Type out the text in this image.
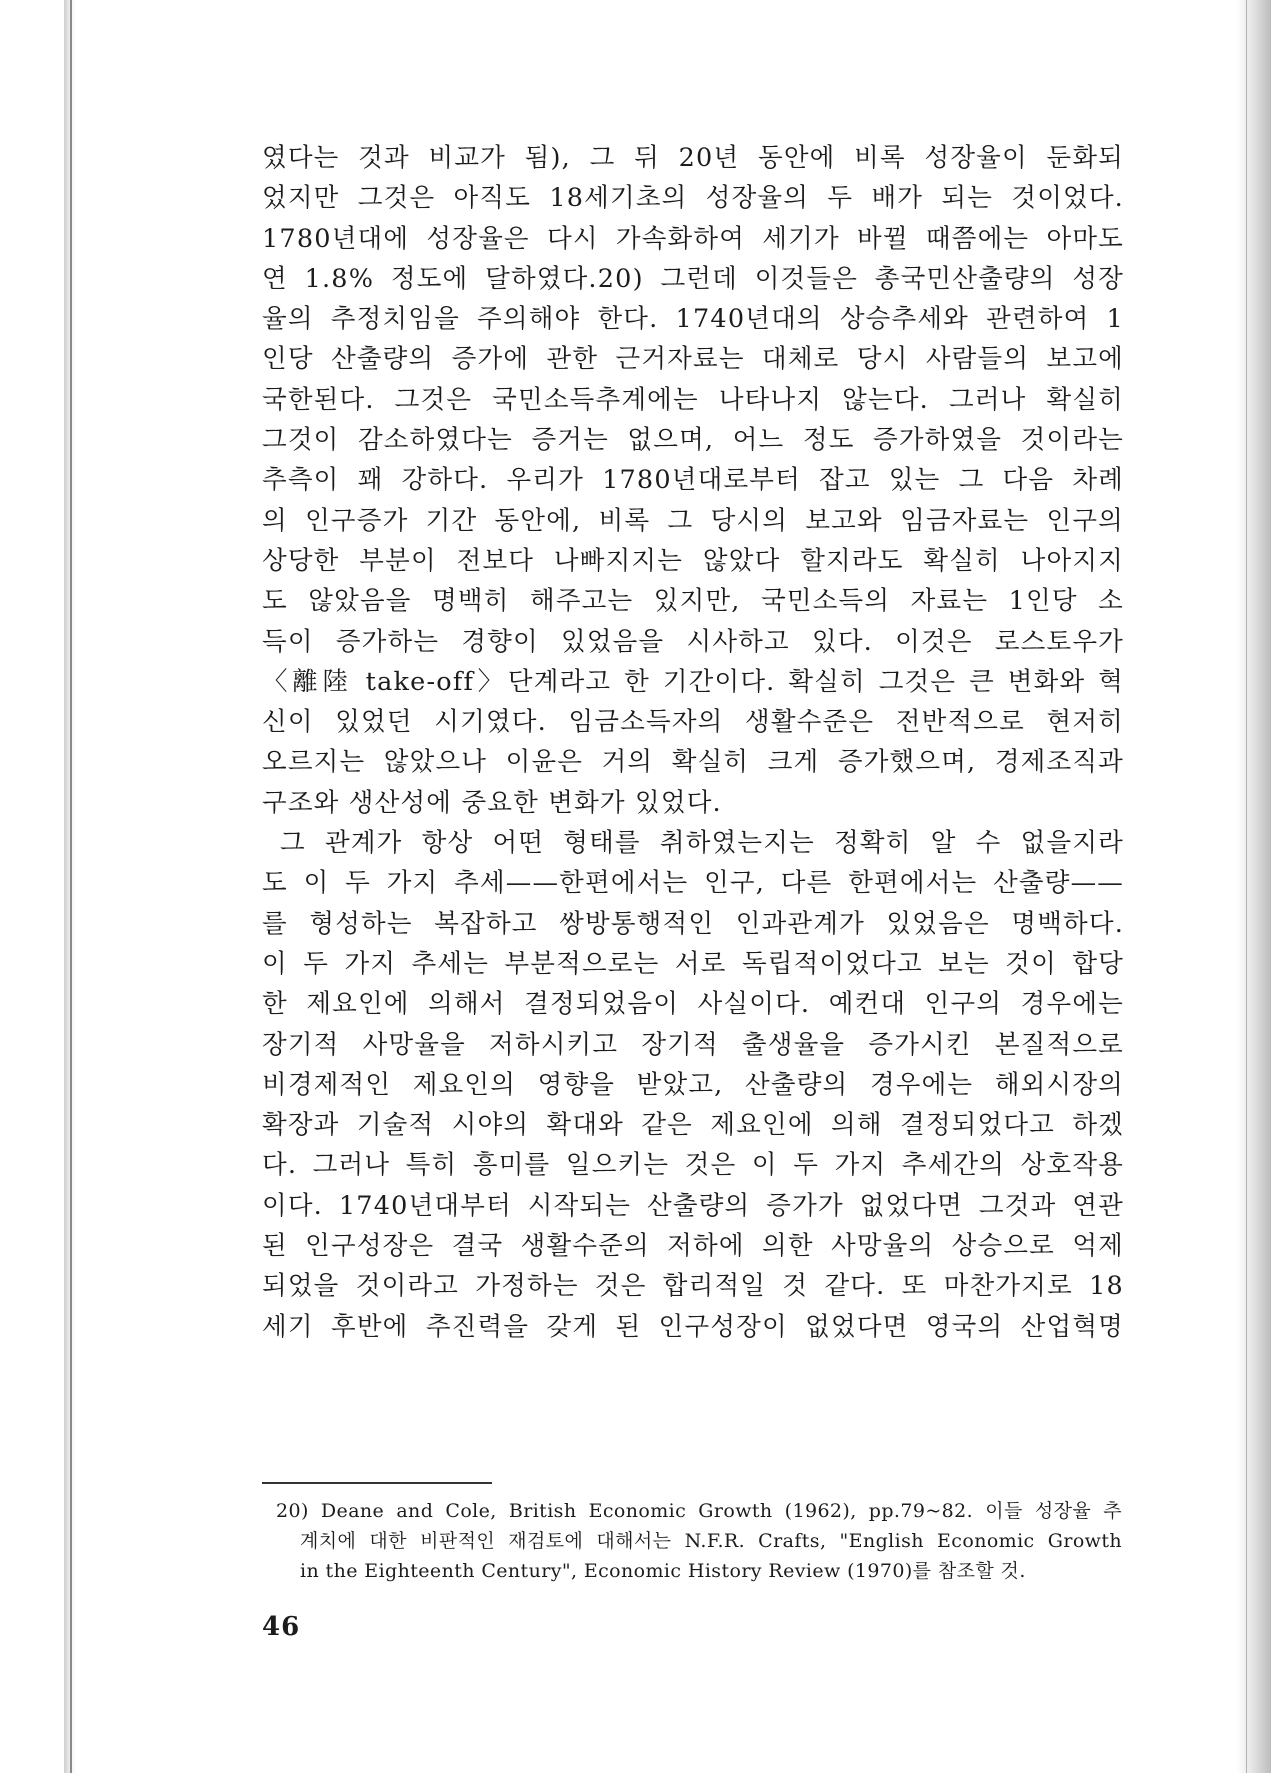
였다는 것과 비교가 됨), 그 뒤 20년 동안에 비록 성장율이 둔화되
었지만 그것은 아직도 18세기초의 성장율의 두 배가 되는 것이었다.
1780년대에 성장율은 다시 가속화하여 세기가 바뀔 때쯤에는 아마도
연 1.8% 정도에 달하였다.20) 그런데 이것들은 총국민산출량의 성장
율의 추정치임을 주의해야 한다. 1740년대의 상승추세와 관련하여 1
인당 산출량의 증가에 관한 근거자료는 대체로 당시 사람들의 보고에
국한된다. 그것은 국민소득추계에는 나타나지 않는다. 그러나 확실히
그것이 감소하였다는 증거는 없으며, 어느 정도 증가하였을 것이라는
추측이 꽤 강하다. 우리가 1780년대로부터 잡고 있는 그 다음 차례
의 인구증가 기간 동안에, 비록 그 당시의 보고와 임금자료는 인구의
상당한 부분이 전보다 나빠지지는 않았다 할지라도 확실히 나아지지
도 않았음을 명백히 해주고는 있지만, 국민소득의 자료는 1인당 소
득이 증가하는 경향이 있었음을 시사하고 있다. 이것은 로스토우가
〈離陸 take-off〉단계라고 한 기간이다. 확실히 그것은 큰 변화와 혁
신이 있었던 시기였다. 임금소득자의 생활수준은 전반적으로 현저히
오르지는 않았으나 이윤은 거의 확실히 크게 증가했으며, 경제조직과
구조와 생산성에 중요한 변화가 있었다.
그 관계가 항상 어떤 형태를 취하였는지는 정확히 알 수 없을지라
도 이 두 가지 추세——한편에서는 인구, 다른 한편에서는 산출량——
를 형성하는 복잡하고 쌍방통행적인 인과관계가 있었음은 명백하다.
이 두 가지 추세는 부분적으로는 서로 독립적이었다고 보는 것이 합당
한 제요인에 의해서 결정되었음이 사실이다. 예컨대 인구의 경우에는
장기적 사망율을 저하시키고 장기적 출생율을 증가시킨 본질적으로
비경제적인 제요인의 영향을 받았고, 산출량의 경우에는 해외시장의
확장과 기술적 시야의 확대와 같은 제요인에 의해 결정되었다고 하겠
다. 그러나 특히 흥미를 일으키는 것은 이 두 가지 추세간의 상호작용
이다. 1740년대부터 시작되는 산출량의 증가가 없었다면 그것과 연관
된 인구성장은 결국 생활수준의 저하에 의한 사망율의 상승으로 억제
되었을 것이라고 가정하는 것은 합리적일 것 같다. 또 마찬가지로 18
세기 후반에 추진력을 갖게 된 인구성장이 없었다면 영국의 산업혁명
20) Deane and Cole, British Economic Growth (1962), pp.79~82. 이들 성장율 추
계치에 대한 비판적인 재검토에 대해서는 N.F.R. Crafts, "English Economic Growth
in the Eighteenth Century", Economic History Review (1970)를 참조할 것.
46
